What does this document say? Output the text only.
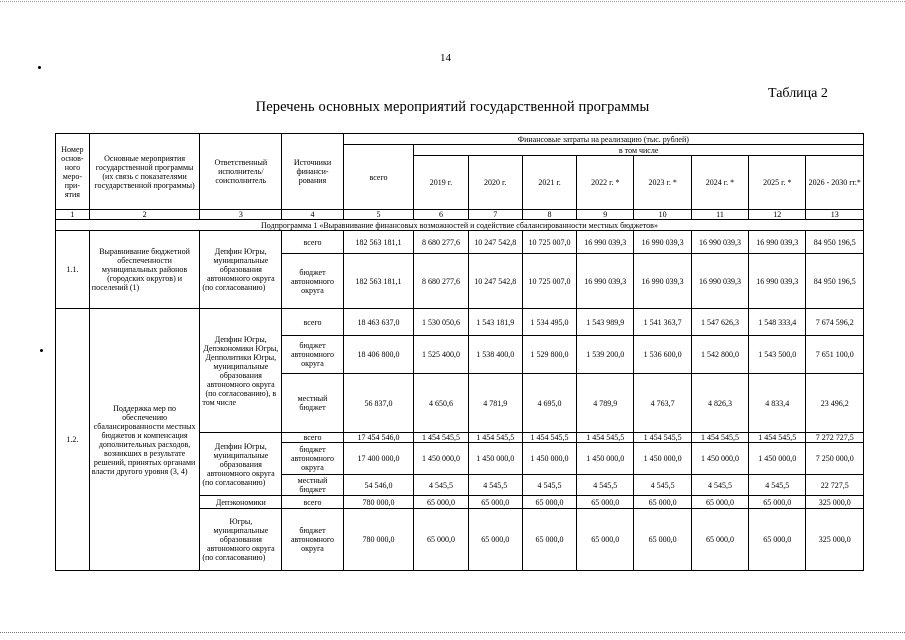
14
Таблица 2
Перечень основных мероприятий государственной программы
Номер основ-ного меро-при-ятия	Основные мероприятия государственной программы (их связь с показателями государственной программы)	Ответственный исполнитель/ соисполнитель	Источники финанси-рования	Финансовые затраты на реализацию (тыс. рублей)								
				всего	в том числе							
					2019 г.	2020 г.	2021 г.	2022 г. *	2023 г. *	2024 г. *	2025 г. *	2026 - 2030 гг.*
1	2	3	4	5	6	7	8	9	10	11	12	13
Подпрограмма 1 «Выравнивание финансовых возможностей и содействие сбалансированности местных бюджетов»												
1.1.	Выравнивание бюджетной обеспеченности муниципальных районов (городских округов) и поселений (1)	Депфин Югры, муниципальные образования автономного округа (по согласованию)	всего	182 563 181,1	8 680 277,6	10 247 542,8	10 725 007,0	16 990 039,3	16 990 039,3	16 990 039,3	16 990 039,3	84 950 196,5
			бюджет автономного округа	182 563 181,1	8 680 277,6	10 247 542,8	10 725 007,0	16 990 039,3	16 990 039,3	16 990 039,3	16 990 039,3	84 950 196,5
1.2.	Поддержка мер по обеспечению сбалансированности местных бюджетов и компенсация дополнительных расходов, возникших в результате решений, принятых органами власти другого уровня (3, 4)	Депфин Югры, Депэкономики Югры, Депполитики Югры, муниципальные образования автономного округа (по согласованию), в том числе	всего	18 463 637,0	1 530 050,6	1 543 181,9	1 534 495,0	1 543 989,9	1 541 363,7	1 547 626,3	1 548 333,4	7 674 596,2
			бюджет автономного округа	18 406 800,0	1 525 400,0	1 538 400,0	1 529 800,0	1 539 200,0	1 536 600,0	1 542 800,0	1 543 500,0	7 651 100,0
			местный бюджет	56 837,0	4 650,6	4 781,9	4 695,0	4 789,9	4 763,7	4 826,3	4 833,4	23 496,2
		Депфин Югры, муниципальные образования автономного округа (по согласованию)	всего	17 454 546,0	1 454 545,5	1 454 545,5	1 454 545,5	1 454 545,5	1 454 545,5	1 454 545,5	1 454 545,5	7 272 727,5
			бюджет автономного округа	17 400 000,0	1 450 000,0	1 450 000,0	1 450 000,0	1 450 000,0	1 450 000,0	1 450 000,0	1 450 000,0	7 250 000,0
			местный бюджет	54 546,0	4 545,5	4 545,5	4 545,5	4 545,5	4 545,5	4 545,5	4 545,5	22 727,5
		Депэкономики	всего	780 000,0	65 000,0	65 000,0	65 000,0	65 000,0	65 000,0	65 000,0	65 000,0	325 000,0
		Югры, муниципальные образования автономного округа (по согласованию)	бюджет автономного округа	780 000,0	65 000,0	65 000,0	65 000,0	65 000,0	65 000,0	65 000,0	65 000,0	325 000,0
